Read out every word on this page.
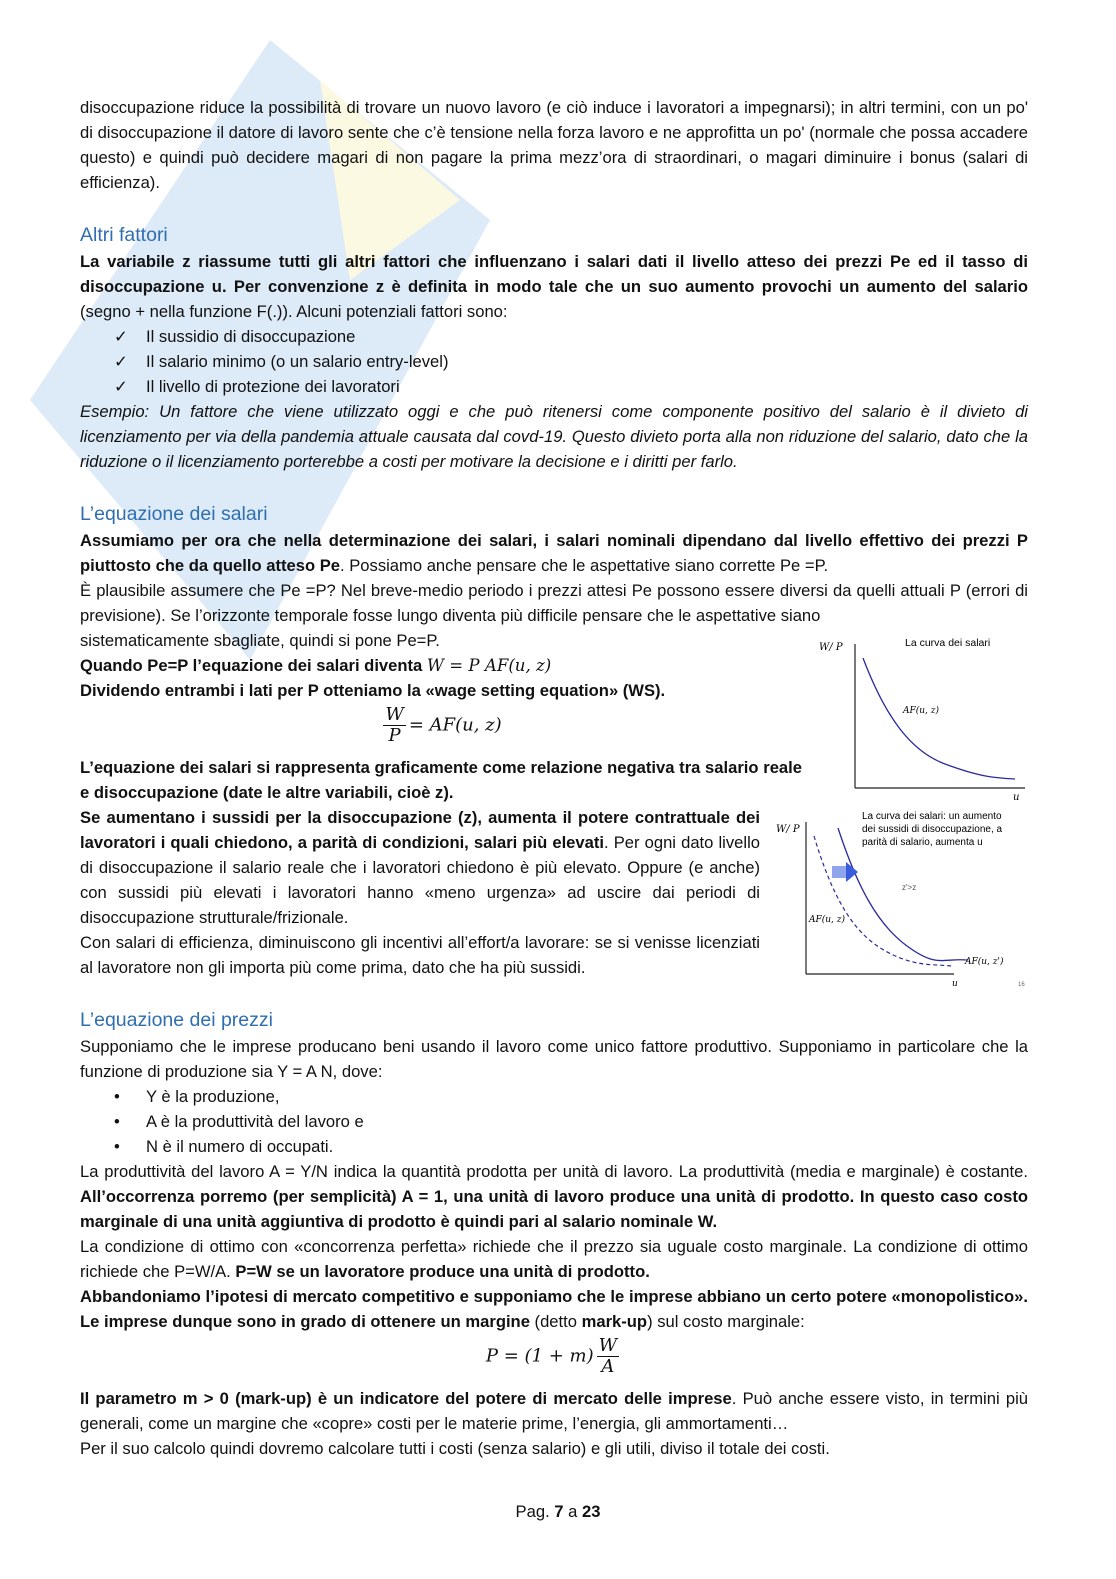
disoccupazione riduce la possibilità di trovare un nuovo lavoro (e ciò induce i lavoratori a impegnarsi); in altri termini, con un po' di disoccupazione il datore di lavoro sente che c’è tensione nella forza lavoro e ne approfitta un po' (normale che possa accadere questo) e quindi può decidere magari di non pagare la prima mezz’ora di straordinari, o magari diminuire i bonus (salari di efficienza).

Altri fattori

La variabile z riassume tutti gli altri fattori che influenzano i salari dati il livello atteso dei prezzi Pe ed il tasso di disoccupazione u. Per convenzione z è definita in modo tale che un suo aumento provochi un aumento del salario (segno + nella funzione F(.)). Alcuni potenziali fattori sono:

✓ Il sussidio di disoccupazione
✓ Il salario minimo (o un salario entry-level)
✓ Il livello di protezione dei lavoratori

Esempio: Un fattore che viene utilizzato oggi e che può ritenersi come componente positivo del salario è il divieto di licenziamento per via della pandemia attuale causata dal covd-19. Questo divieto porta alla non riduzione del salario, dato che la riduzione o il licenziamento porterebbe a costi per motivare la decisione e i diritti per farlo.

L’equazione dei salari

Assumiamo per ora che nella determinazione dei salari, i salari nominali dipendano dal livello effettivo dei prezzi P piuttosto che da quello atteso Pe. Possiamo anche pensare che le aspettative siano corrette Pe =P.

È plausibile assumere che Pe =P? Nel breve-medio periodo i prezzi attesi Pe possono essere diversi da quelli attuali P (errori di previsione). Se l’orizzonte temporale fosse lungo diventa più difficile pensare che le aspettative siano

sistematicamente sbagliate, quindi si pone Pe=P.

Quando Pe=P l’equazione dei salari diventa W = P AF(u, z)

Dividendo entrambi i lati per P otteniamo la «wage setting equation» (WS).

$\frac{W}{P} = AF(u$, z)

L’equazione dei salari si rappresenta graficamente come relazione negativa tra salario reale e disoccupazione (date le altre variabili, cioè z).

Se aumentano i sussidi per la disoccupazione (z), aumenta il potere contrattuale dei lavoratori i quali chiedono, a parità di condizioni, salari più elevati. Per ogni dato livello di disoccupazione il salario reale che i lavoratori chiedono è più elevato. Oppure (e anche) con sussidi più elevati i lavoratori hanno «meno urgenza» ad uscire dai periodi di disoccupazione strutturale/frizionale.

Con salari di efficienza, diminuiscono gli incentivi all’effort/a lavorare: se si venisse licenziati al lavoratore non gli importa più come prima, dato che ha più sussidi.

L’equazione dei prezzi

Supponiamo che le imprese producano beni usando il lavoro come unico fattore produttivo. Supponiamo in particolare che la funzione di produzione sia Y = A N, dove:

• Y è la produzione,
• A è la produttività del lavoro e
• N è il numero di occupati.

La produttività del lavoro A = Y/N indica la quantità prodotta per unità di lavoro. La produttività (media e marginale) è costante. All’occorrenza porremo (per semplicità) A = 1, una unità di lavoro produce una unità di prodotto. In questo caso costo marginale di una unità aggiuntiva di prodotto è quindi pari al salario nominale W.

La condizione di ottimo con «concorrenza perfetta» richiede che il prezzo sia uguale costo marginale. La condizione di ottimo richiede che P=W/A. P=W se un lavoratore produce una unità di prodotto.

Abbandoniamo l’ipotesi di mercato competitivo e supponiamo che le imprese abbiano un certo potere «monopolistico». Le imprese dunque sono in grado di ottenere un margine (detto mark-up) sul costo marginale:

$P = (1 + m) \frac{W}{A}$

Il parametro m > 0 (mark-up) è un indicatore del potere di mercato delle imprese. Può anche essere visto, in termini più generali, come un margine che «copre» costi per le materie prime, l’energia, gli ammortamenti…

Per il suo calcolo quindi dovremo calcolare tutti i costi (senza salario) e gli utili, diviso il totale dei costi.

W/ P	La curva dei salari
AF(u, z)
u
W/ P
La curva dei salari: un aumento
dei sussidi di disoccupazione, a
parità di salario, aumenta u
z'>z
AF(u, z)
AF(u, z')
u	16
Pag. 7 a 23
